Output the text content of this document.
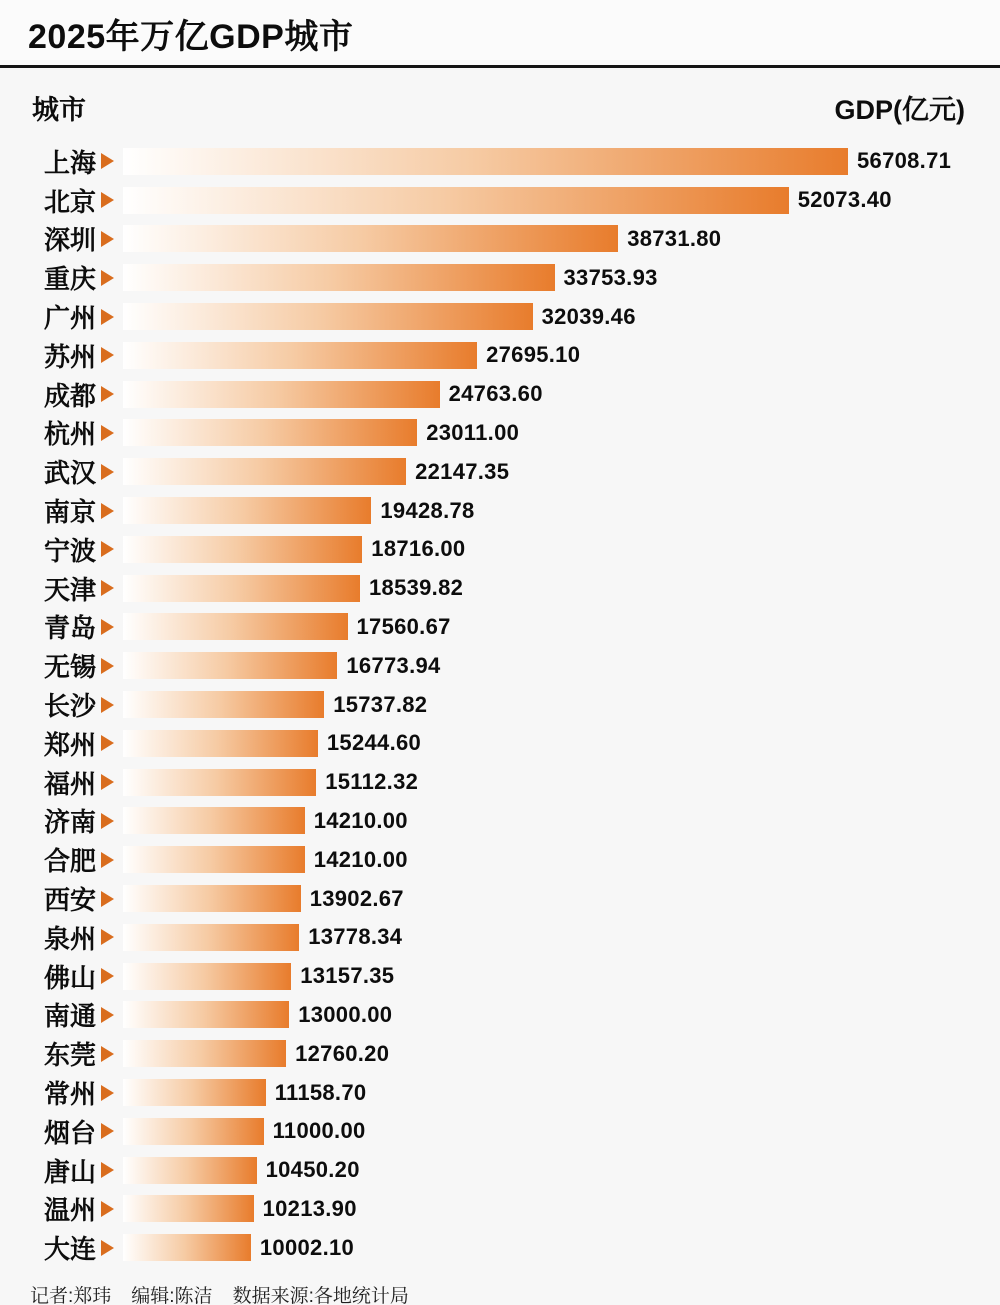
2025年万亿GDP城市
城市	GDP(亿元)
上海	56708.71
北京	52073.40
深圳	38731.80
重庆	33753.93
广州	32039.46
苏州	27695.10
成都	24763.60
杭州	23011.00
武汉	22147.35
南京	19428.78
宁波	18716.00
天津	18539.82
青岛	17560.67
无锡	16773.94
长沙	15737.82
郑州	15244.60
福州	15112.32
济南	14210.00
合肥	14210.00
西安	13902.67
泉州	13778.34
佛山	13157.35
南通	13000.00
东莞	12760.20
常州	11158.70
烟台	11000.00
唐山	10450.20
温州	10213.90
大连	10002.10
记者:郑玮 编辑:陈洁 数据来源:各地统计局
